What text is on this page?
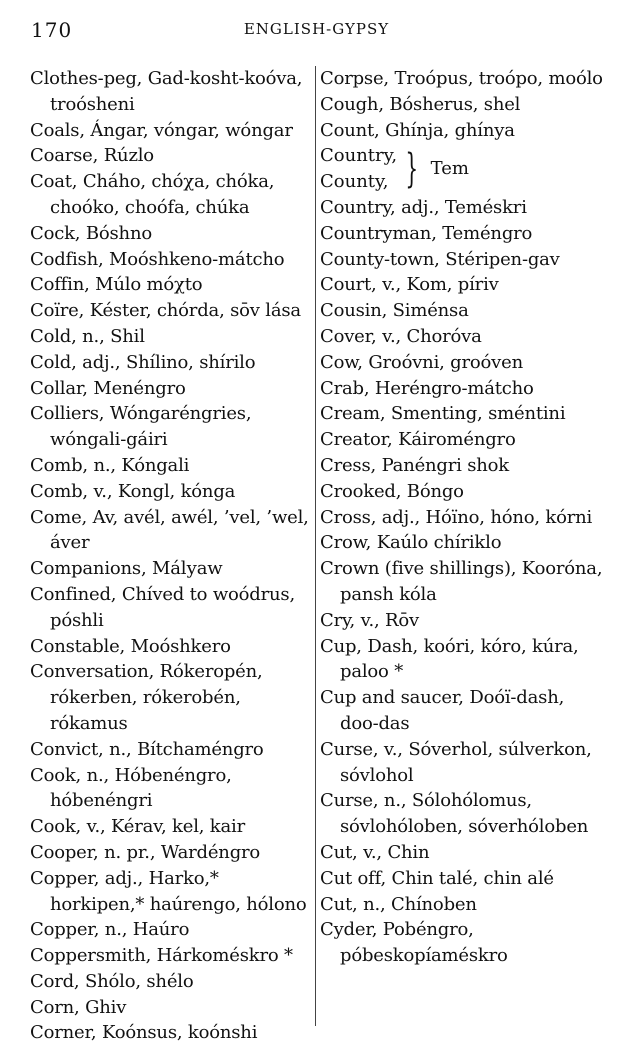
170	ENGLISH-GYPSY
Clothes-peg, Gad-kosht-koóva, troósheni
Coals, Ángar, vóngar, wóngar
Coarse, Rúzlo
Coat, Cháho, chóχa, chóka, choóko, choófa, chúka
Cock, Bóshno
Codfish, Moóshkeno-mátcho
Coffin, Múlo móχto
Coïre, Késter, chórda, sōv lása
Cold, n., Shil
Cold, adj., Shílino, shírilo
Collar, Menéngro
Colliers, Wóngaréngries, wóngali-gáiri
Comb, n., Kóngali
Comb, v., Kongl, kónga
Come, Av, avél, awél, ’vel, ’wel, áver
Companions, Málуaw
Confined, Chíved to woódrus, póshli
Constable, Moóshkero
Conversation, Rókeropén, rókerben, rókerobén, rókamus
Convict, n., Bítchaméngro
Cook, n., Hóbenéngro, hóbenéngri
Cook, v., Kérav, kel, kair
Cooper, n. pr., Wardéngro
Copper, adj., Harko,* horkipen,* haúrengo, hólono
Copper, n., Haúro
Coppersmith, Hárkoméskro *
Cord, Shólo, shélo
Corn, Ghiv
Corner, Koónsus, koónshi
Corpse, Troópus, troópo, moólo
Cough, Bósherus, shel
Count, Ghínja, ghínya
Country,
County, } Tem
Country, adj., Teméskri
Countryman, Teméngro
County-town, Stéripen-gav
Court, v., Kom, píriv
Cousin, Siménsa
Cover, v., Choróva
Cow, Groóvni, groóven
Crab, Heréngro-mátcho
Cream, Smenting, sméntini
Creator, Káiroméngro
Cress, Panéngri shok
Crooked, Bóngo
Cross, adj., Hóïno, hóno, kórni
Crow, Kaúlo chíriklo
Crown (five shillings), Kooróna, pansh kóla
Cry, v., Rōv
Cup, Dash, koóri, kóro, kúra, paloo *
Cup and saucer, Doóï-dash, doo-das
Curse, v., Sóverhol, súlverkon, sóvlohol
Curse, n., Sólohólomus, sóvlohóloben, sóverhóloben
Cut, v., Chin
Cut off, Chin talé, chin alé
Cut, n., Chínoben
Cyder, Pobéngro, póbeskopíaméskro
